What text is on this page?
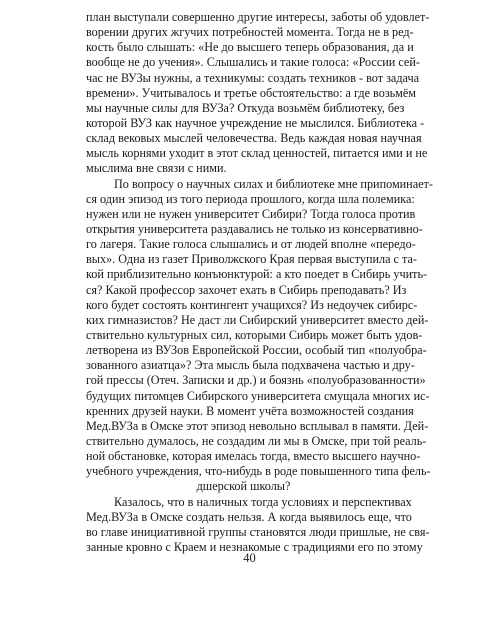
план выступали совершенно другие интересы, заботы об удовлет-
ворении других жгучих потребностей момента. Тогда не в ред-
кость было слышать: «Не до высшего теперь образования, да и
вообще не до учения». Слышались и такие голоса: «России сей-
час не ВУЗы нужны, а техникумы: создать техников - вот задача
времени». Учитывалось и третье обстоятельство: а где возьмём
мы научные силы для ВУЗа? Откуда возьмём библиотеку, без
которой ВУЗ как научное учреждение не мыслился. Библиотека -
склад вековых мыслей человечества. Ведь каждая новая научная
мысль корнями уходит в этот склад ценностей, питается ими и не
мыслима вне связи с ними.
По вопросу о научных силах и библиотеке мне припоминает-
ся один эпизод из того периода прошлого, когда шла полемика:
нужен или не нужен университет Сибири? Тогда голоса против
открытия университета раздавались не только из консервативно-
го лагеря. Такие голоса слышались и от людей вполне «передо-
вых». Одна из газет Приволжского Края первая выступила с та-
кой приблизительно конъюнктурой: а кто поедет в Сибирь учить-
ся? Какой профессор захочет ехать в Сибирь преподавать? Из
кого будет состоять контингент учащихся? Из недоучек сибирс-
ких гимназистов? Не даст ли Сибирский университет вместо дей-
ствительно культурных сил, которыми Сибирь может быть удов-
летворена из ВУЗов Европейской России, особый тип «полуобра-
зованного азиатца»? Эта мысль была подхвачена частью и дру-
гой прессы (Отеч. Записки и др.) и боязнь «полуобразованности»
будущих питомцев Сибирского университета смущала многих ис-
кренних друзей науки. В момент учёта возможностей создания
Мед.ВУЗа в Омске этот эпизод невольно всплывал в памяти. Дей-
ствительно думалось, не создадим ли мы в Омске, при той реаль-
ной обстановке, которая имелась тогда, вместо высшего научно-
учебного учреждения, что-нибудь в роде повышенного типа фель-
дшерской школы?
Казалось, что в наличных тогда условиях и перспективах
Мед.ВУЗа в Омске создать нельзя. А когда выявилось еще, что
во главе инициативной группы становятся люди пришлые, не свя-
занные кровно с Краем и незнакомые с традициями его по этому
40
